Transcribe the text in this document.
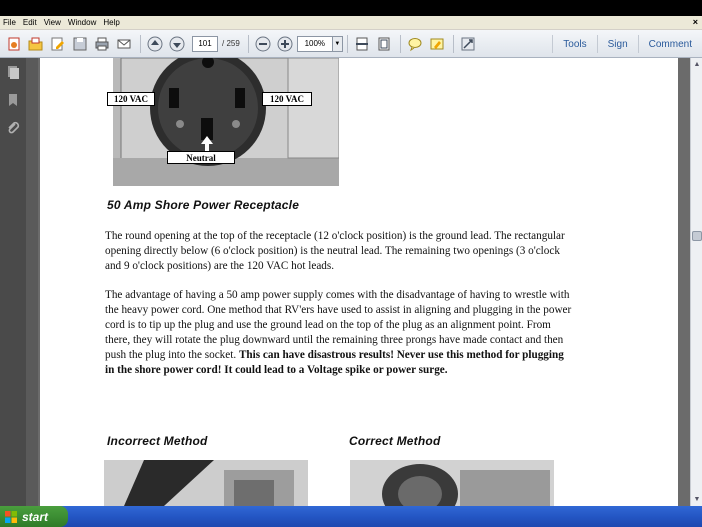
File Edit View Window Help	×
101	/ 259	100%	▼	Tools	Sign	Comment
120 VAC	120 VAC
Neutral
50 Amp Shore Power Receptacle

The round opening at the top of the receptacle (12 o'clock position) is the ground lead. The rectangular opening directly below (6 o'clock position) is the neutral lead. The remaining two openings (3 o'clock and 9 o'clock positions) are the 120 VAC hot leads.

The advantage of having a 50 amp power supply comes with the disadvantage of having to wrestle with the heavy power cord. One method that RV'ers have used to assist in aligning and plugging in the power cord is to tip up the plug and use the ground lead on the top of the plug as an alignment point. From there, they will rotate the plug downward until the remaining three prongs have made contact and then push the plug into the socket. This can have disastrous results! Never use this method for plugging in the shore power cord! It could lead to a Voltage spike or power surge.

Incorrect Method	Correct Method
▲
▼
start
